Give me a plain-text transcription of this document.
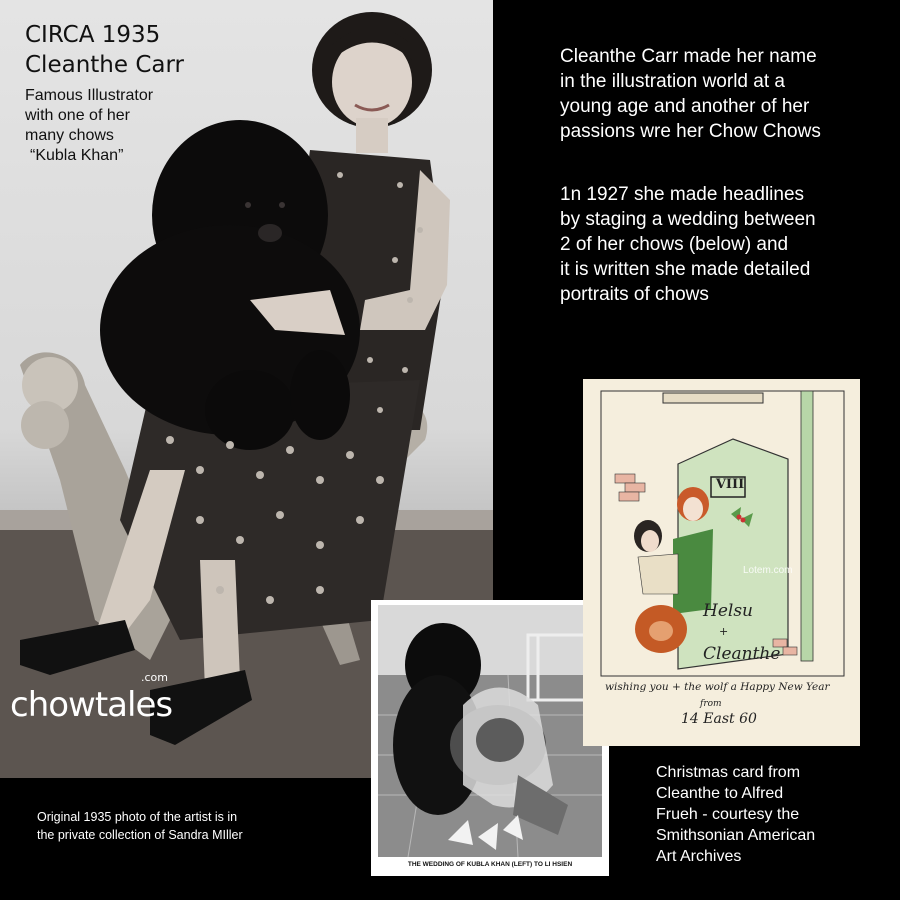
CIRCA 1935
Cleanthe Carr
Famous Illustrator
with one of her
many chows
“Kubla Khan”
chowtales
.com
Cleanthe Carr made her name
in the illustration world at a
young age and another of her
passions wre her Chow Chows
1n 1927 she made headlines
by staging a wedding between
2 of her chows (below) and
it is written she made detailed
portraits of chows
Original 1935 photo of the artist is in
the private collection of Sandra MIller
THE WEDDING OF KUBLA KHAN (LEFT) TO LI HSIEN
Helsu
+
Cleanthe
wishing you + the wolf a Happy New Year
from
14 East 60
VIII
Lotem.com
Christmas card from
Cleanthe to Alfred
Frueh - courtesy the
Smithsonian American
Art Archives
